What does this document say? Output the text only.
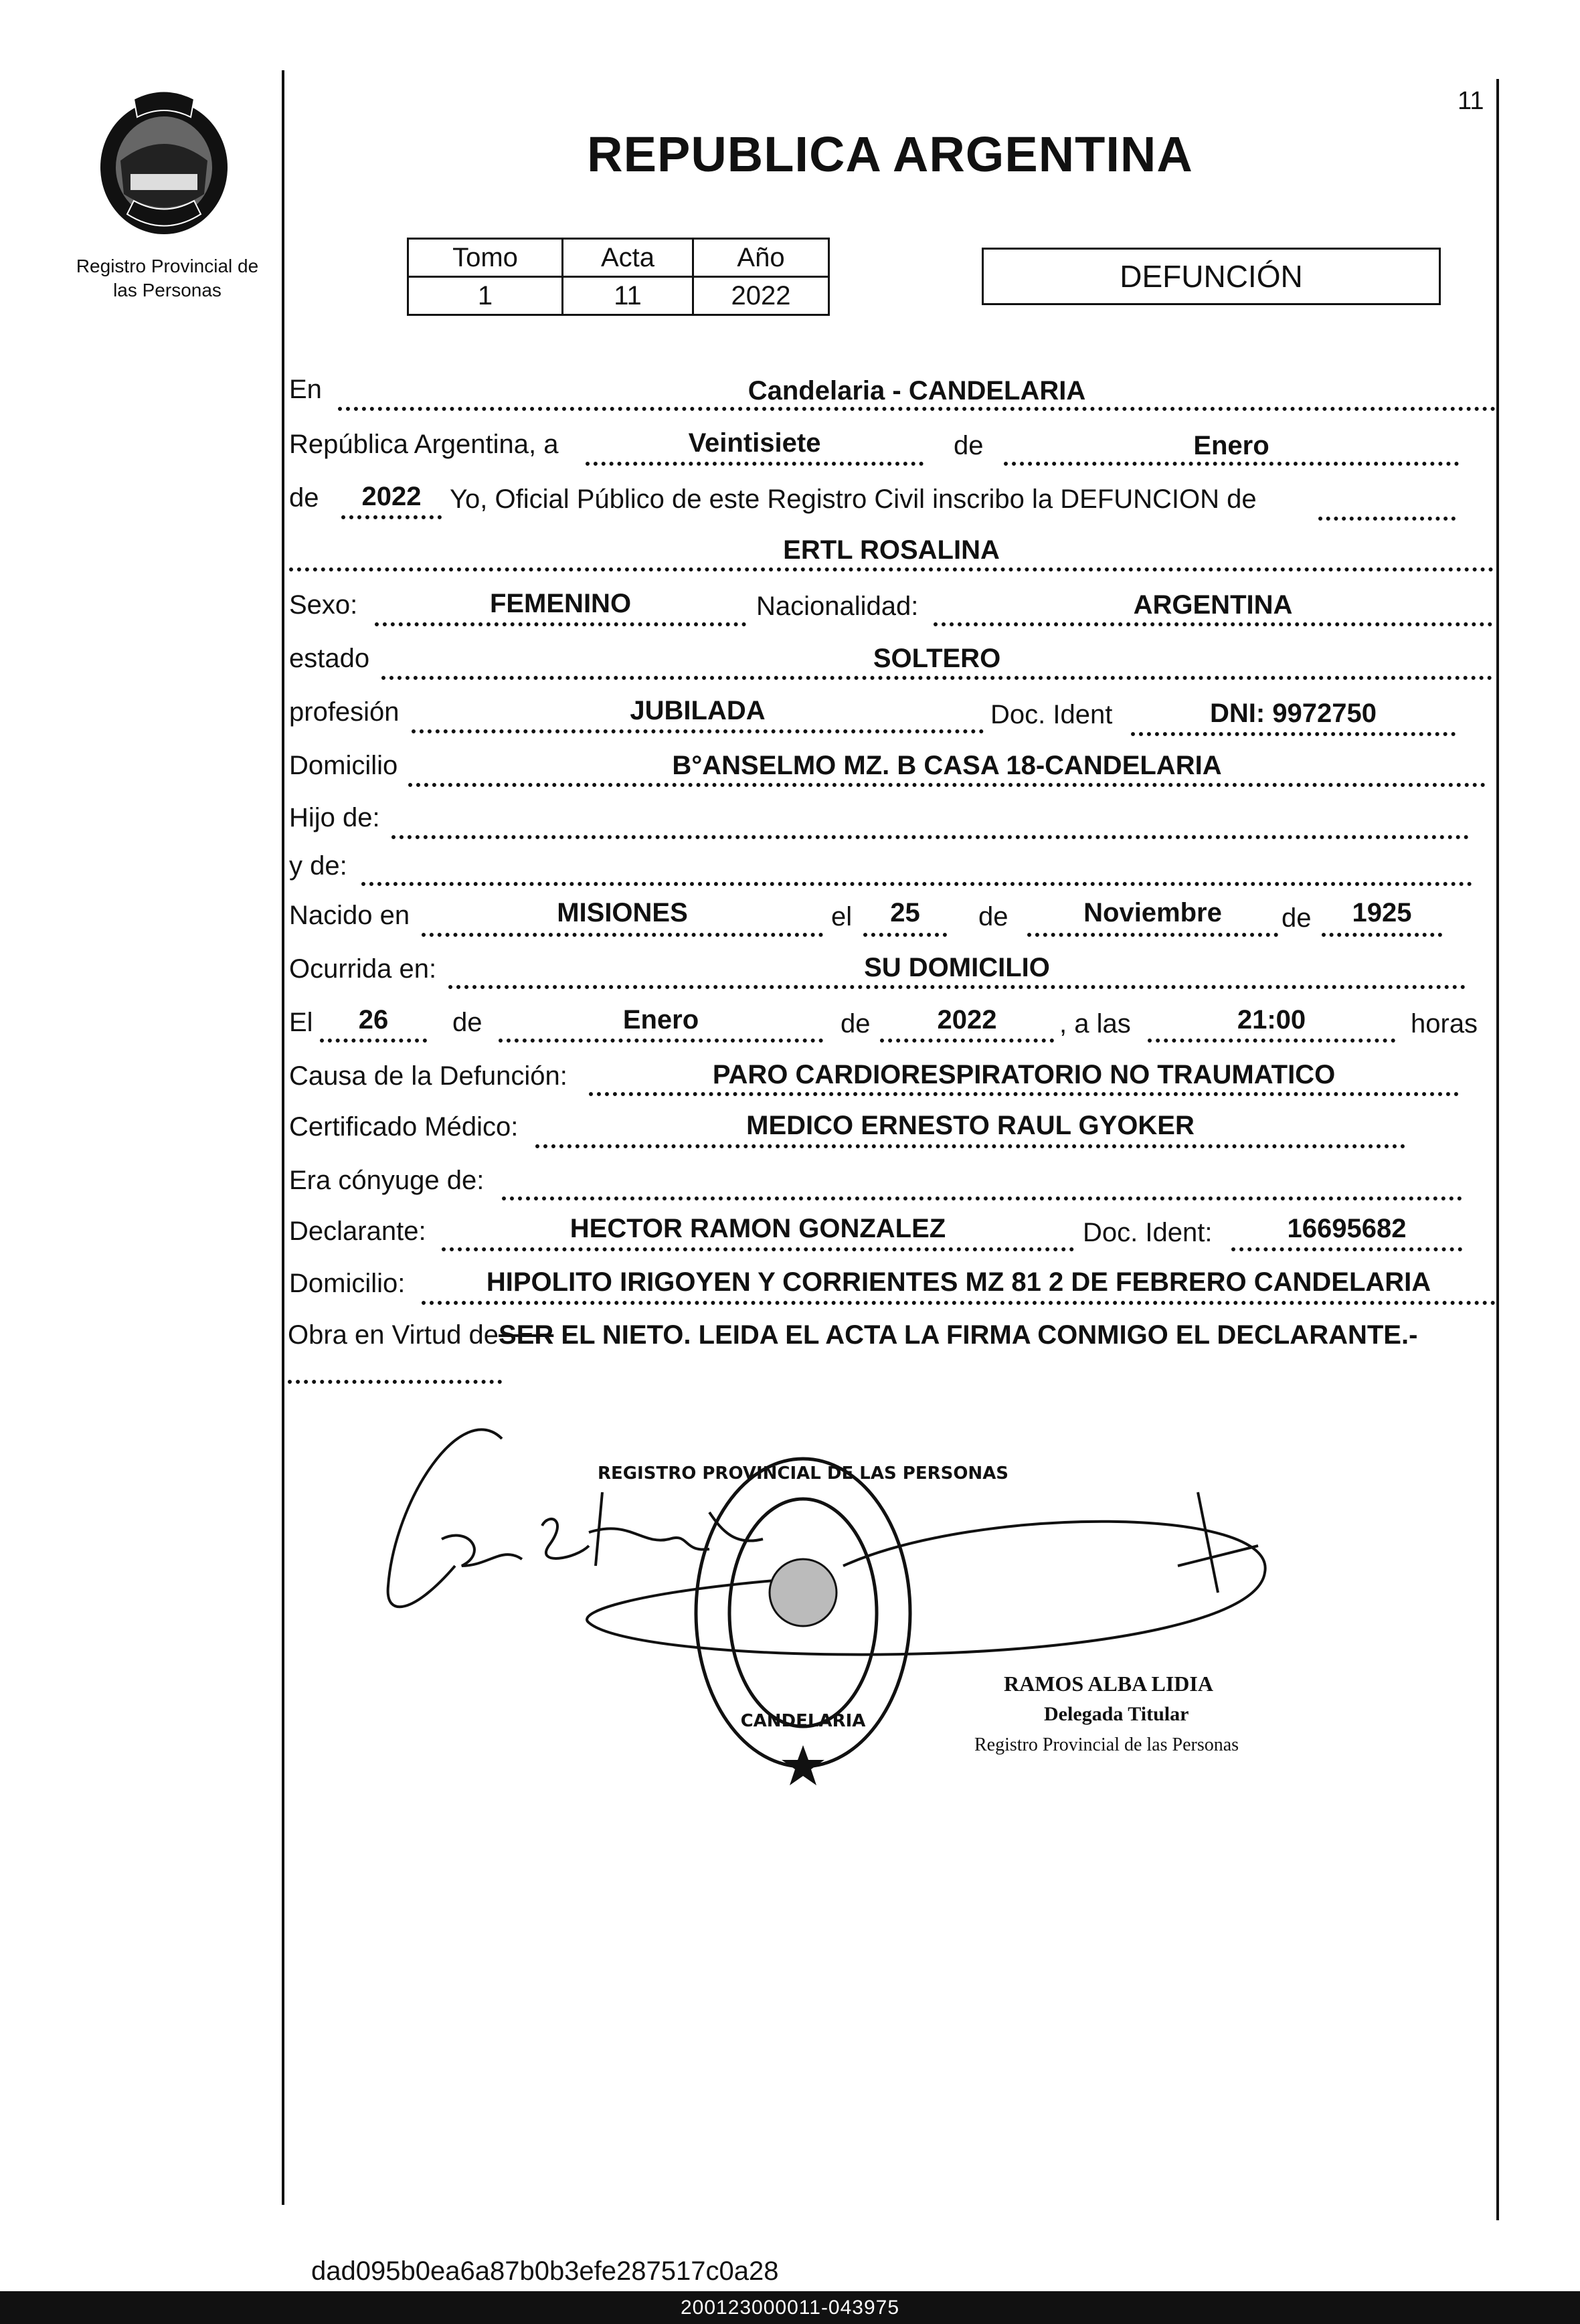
11
Registro Provincial de
las Personas
REPUBLICA ARGENTINA
Tomo	Acta	Año
1	11	2022
DEFUNCIÓN
En	Candelaria - CANDELARIA
República Argentina, a	Veintisiete	de	Enero
de	2022	Yo, Oficial Público de este Registro Civil inscribo la DEFUNCION de
ERTL ROSALINA
Sexo:	FEMENINO	Nacionalidad:	ARGENTINA
estado	SOLTERO
profesión	JUBILADA	Doc. Ident	DNI: 9972750
Domicilio	B°ANSELMO MZ. B CASA 18-CANDELARIA
Hijo de:
y de:
Nacido en	MISIONES	el	25	de	Noviembre	de	1925
Ocurrida en:	SU DOMICILIO
El	26	de	Enero	de	2022	, a las	21:00	horas
Causa de la Defunción:	PARO CARDIORESPIRATORIO NO TRAUMATICO
Certificado Médico:	MEDICO ERNESTO RAUL GYOKER
Era cónyuge de:
Declarante:	HECTOR RAMON GONZALEZ	Doc. Ident:	16695682
Domicilio:	HIPOLITO IRIGOYEN Y CORRIENTES MZ 81 2 DE FEBRERO CANDELARIA
Obra en Virtud deSER EL NIETO. LEIDA EL ACTA LA FIRMA CONMIGO EL DECLARANTE.-
REGISTRO PROVINCIAL DE LAS PERSONAS
CANDELARIA
RAMOS ALBA LIDIA
Delegada Titular
Registro Provincial de las Personas
dad095b0ea6a87b0b3efe287517c0a28
200123000011-043975
